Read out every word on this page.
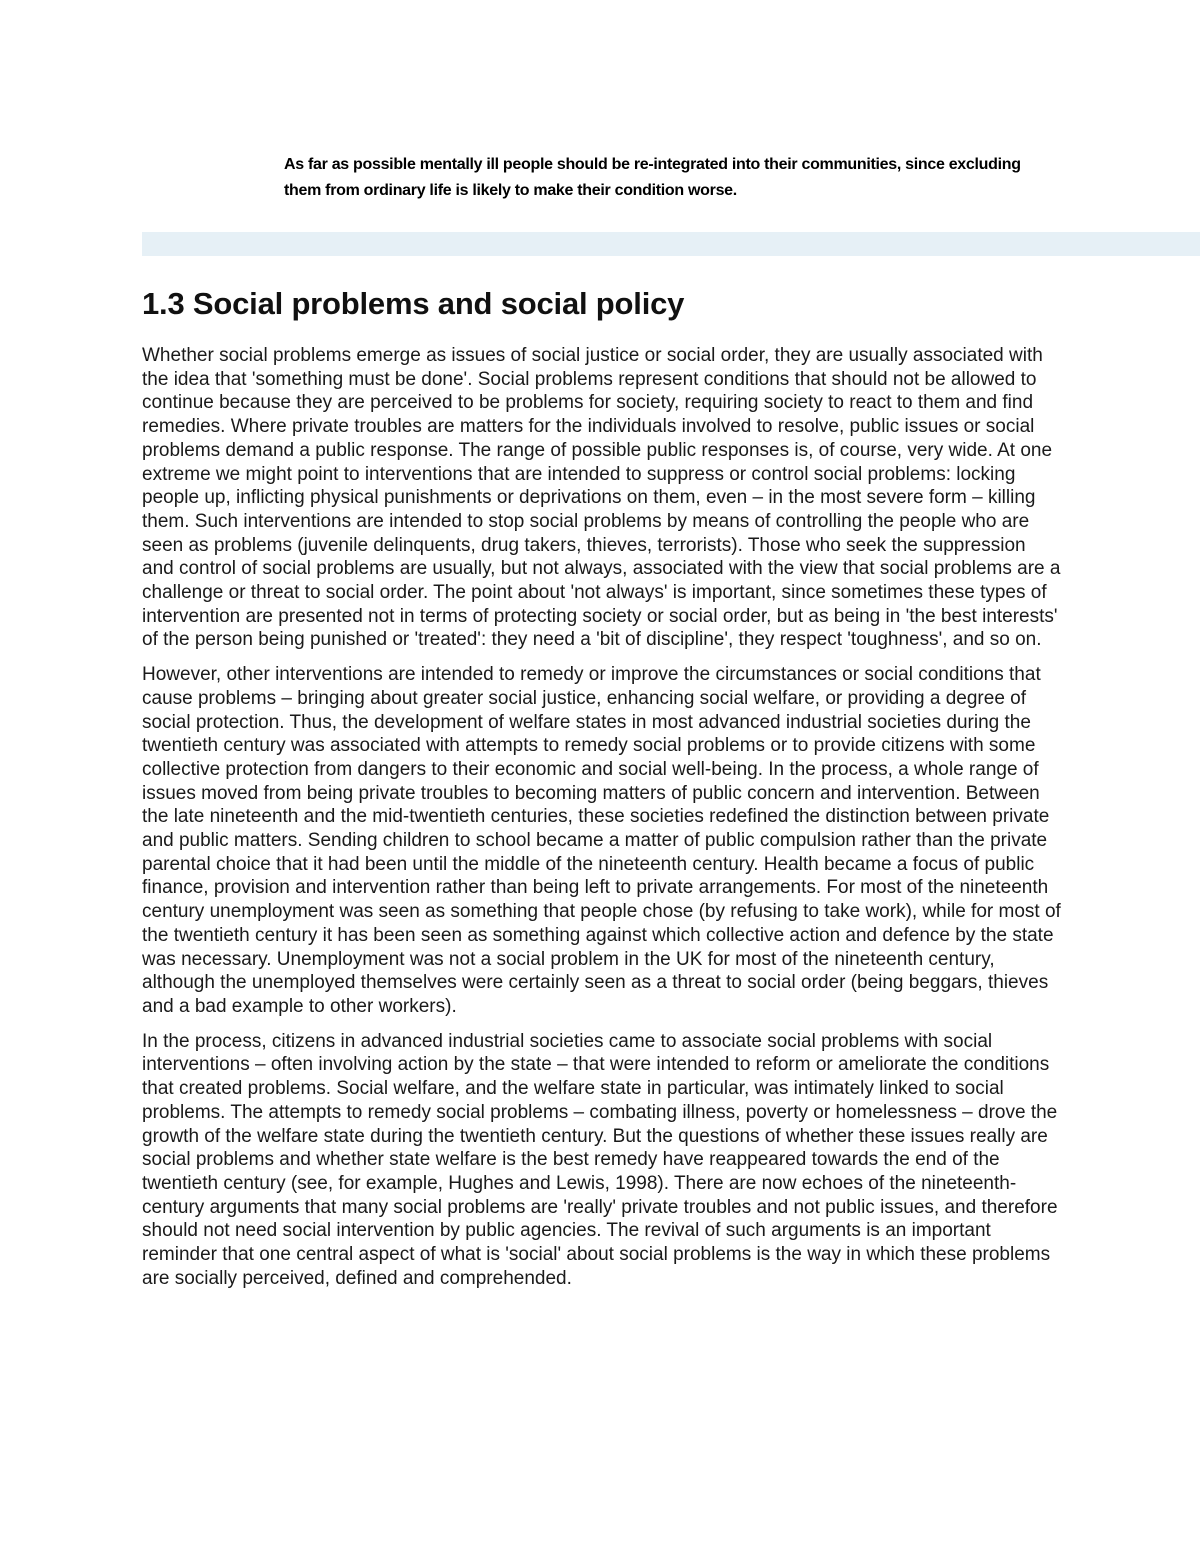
As far as possible mentally ill people should be re-integrated into their communities, since excluding them from ordinary life is likely to make their condition worse.

1.3 Social problems and social policy

Whether social problems emerge as issues of social justice or social order, they are usually associated with the idea that 'something must be done'. Social problems represent conditions that should not be allowed to continue because they are perceived to be problems for society, requiring society to react to them and find remedies. Where private troubles are matters for the individuals involved to resolve, public issues or social problems demand a public response. The range of possible public responses is, of course, very wide. At one extreme we might point to interventions that are intended to suppress or control social problems: locking people up, inflicting physical punishments or deprivations on them, even – in the most severe form – killing them. Such interventions are intended to stop social problems by means of controlling the people who are seen as problems (juvenile delinquents, drug takers, thieves, terrorists). Those who seek the suppression and control of social problems are usually, but not always, associated with the view that social problems are a challenge or threat to social order. The point about 'not always' is important, since sometimes these types of intervention are presented not in terms of protecting society or social order, but as being in 'the best interests' of the person being punished or 'treated': they need a 'bit of discipline', they respect 'toughness', and so on.

However, other interventions are intended to remedy or improve the circumstances or social conditions that cause problems – bringing about greater social justice, enhancing social welfare, or providing a degree of social protection. Thus, the development of welfare states in most advanced industrial societies during the twentieth century was associated with attempts to remedy social problems or to provide citizens with some collective protection from dangers to their economic and social well-being. In the process, a whole range of issues moved from being private troubles to becoming matters of public concern and intervention. Between the late nineteenth and the mid-twentieth centuries, these societies redefined the distinction between private and public matters. Sending children to school became a matter of public compulsion rather than the private parental choice that it had been until the middle of the nineteenth century. Health became a focus of public finance, provision and intervention rather than being left to private arrangements. For most of the nineteenth century unemployment was seen as something that people chose (by refusing to take work), while for most of the twentieth century it has been seen as something against which collective action and defence by the state was necessary. Unemployment was not a social problem in the UK for most of the nineteenth century, although the unemployed themselves were certainly seen as a threat to social order (being beggars, thieves and a bad example to other workers).

In the process, citizens in advanced industrial societies came to associate social problems with social interventions – often involving action by the state – that were intended to reform or ameliorate the conditions that created problems. Social welfare, and the welfare state in particular, was intimately linked to social problems. The attempts to remedy social problems – combating illness, poverty or homelessness – drove the growth of the welfare state during the twentieth century. But the questions of whether these issues really are social problems and whether state welfare is the best remedy have reappeared towards the end of the twentieth century (see, for example, Hughes and Lewis, 1998). There are now echoes of the nineteenth-century arguments that many social problems are 'really' private troubles and not public issues, and therefore should not need social intervention by public agencies. The revival of such arguments is an important reminder that one central aspect of what is 'social' about social problems is the way in which these problems are socially perceived, defined and comprehended.
